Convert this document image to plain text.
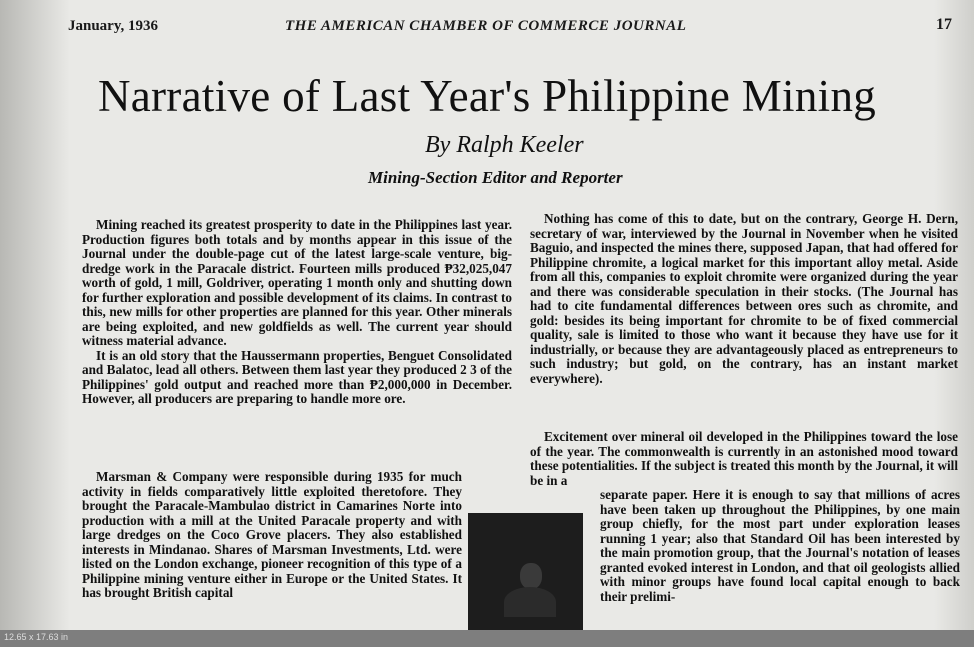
January, 1936	THE AMERICAN CHAMBER OF COMMERCE JOURNAL	17
Narrative of Last Year's Philippine Mining
By Ralph Keeler
Mining-Section Editor and Reporter

Mining reached its greatest prosperity to date in the Philippines last year. Production figures both totals and by months appear in this issue of the Journal under the double-page cut of the latest large-scale venture, big-dredge work in the Paracale district. Fourteen mills produced ₱32,025,047 worth of gold, 1 mill, Goldriver, operating 1 month only and shutting down for further exploration and possible development of its claims. In contrast to this, new mills for other properties are planned for this year. Other minerals are being exploited, and new goldfields as well. The current year should witness material advance.

It is an old story that the Haussermann properties, Benguet Consolidated and Balatoc, lead all others. Between them last year they produced 2 3 of the Philippines' gold output and reached more than ₱2,000,000 in December. However, all producers are preparing to handle more ore.

Marsman & Company were responsible during 1935 for much activity in fields comparatively little exploited theretofore. They brought the Paracale-Mambulao district in Camarines Norte into production with a mill at the United Paracale property and with large dredges on the Coco Grove placers. They also established interests in Mindanao. Shares of Marsman Investments, Ltd. were listed on the London exchange, pioneer recognition of this type of a Philippine mining venture either in Europe or the United States. It has brought British capital

Nothing has come of this to date, but on the contrary, George H. Dern, secretary of war, interviewed by the Journal in November when he visited Baguio, and inspected the mines there, supposed Japan, that had offered for Philippine chromite, a logical market for this important alloy metal. Aside from all this, companies to exploit chromite were organized during the year and there was considerable speculation in their stocks. (The Journal has had to cite fundamental differences between ores such as chromite, and gold: besides its being important for chromite to be of fixed commercial quality, sale is limited to those who want it because they have use for it industrially, or because they are advantageously placed as entrepreneurs to such industry; but gold, on the contrary, has an instant market everywhere).

Excitement over mineral oil developed in the Philippines toward the lose of the year. The commonwealth is currently in an astonished mood toward these potentialities. If the subject is treated this month by the Journal, it will be in a

separate paper. Here it is enough to say that millions of acres have been taken up throughout the Philippines, by one main group chiefly, for the most part under exploration leases running 1 year; also that Standard Oil has been interested by the main promotion group, that the Journal's notation of leases granted evoked interest in London, and that oil geologists allied with minor groups have found local capital enough to back their prelimi-

12.65 x 17.63 in
